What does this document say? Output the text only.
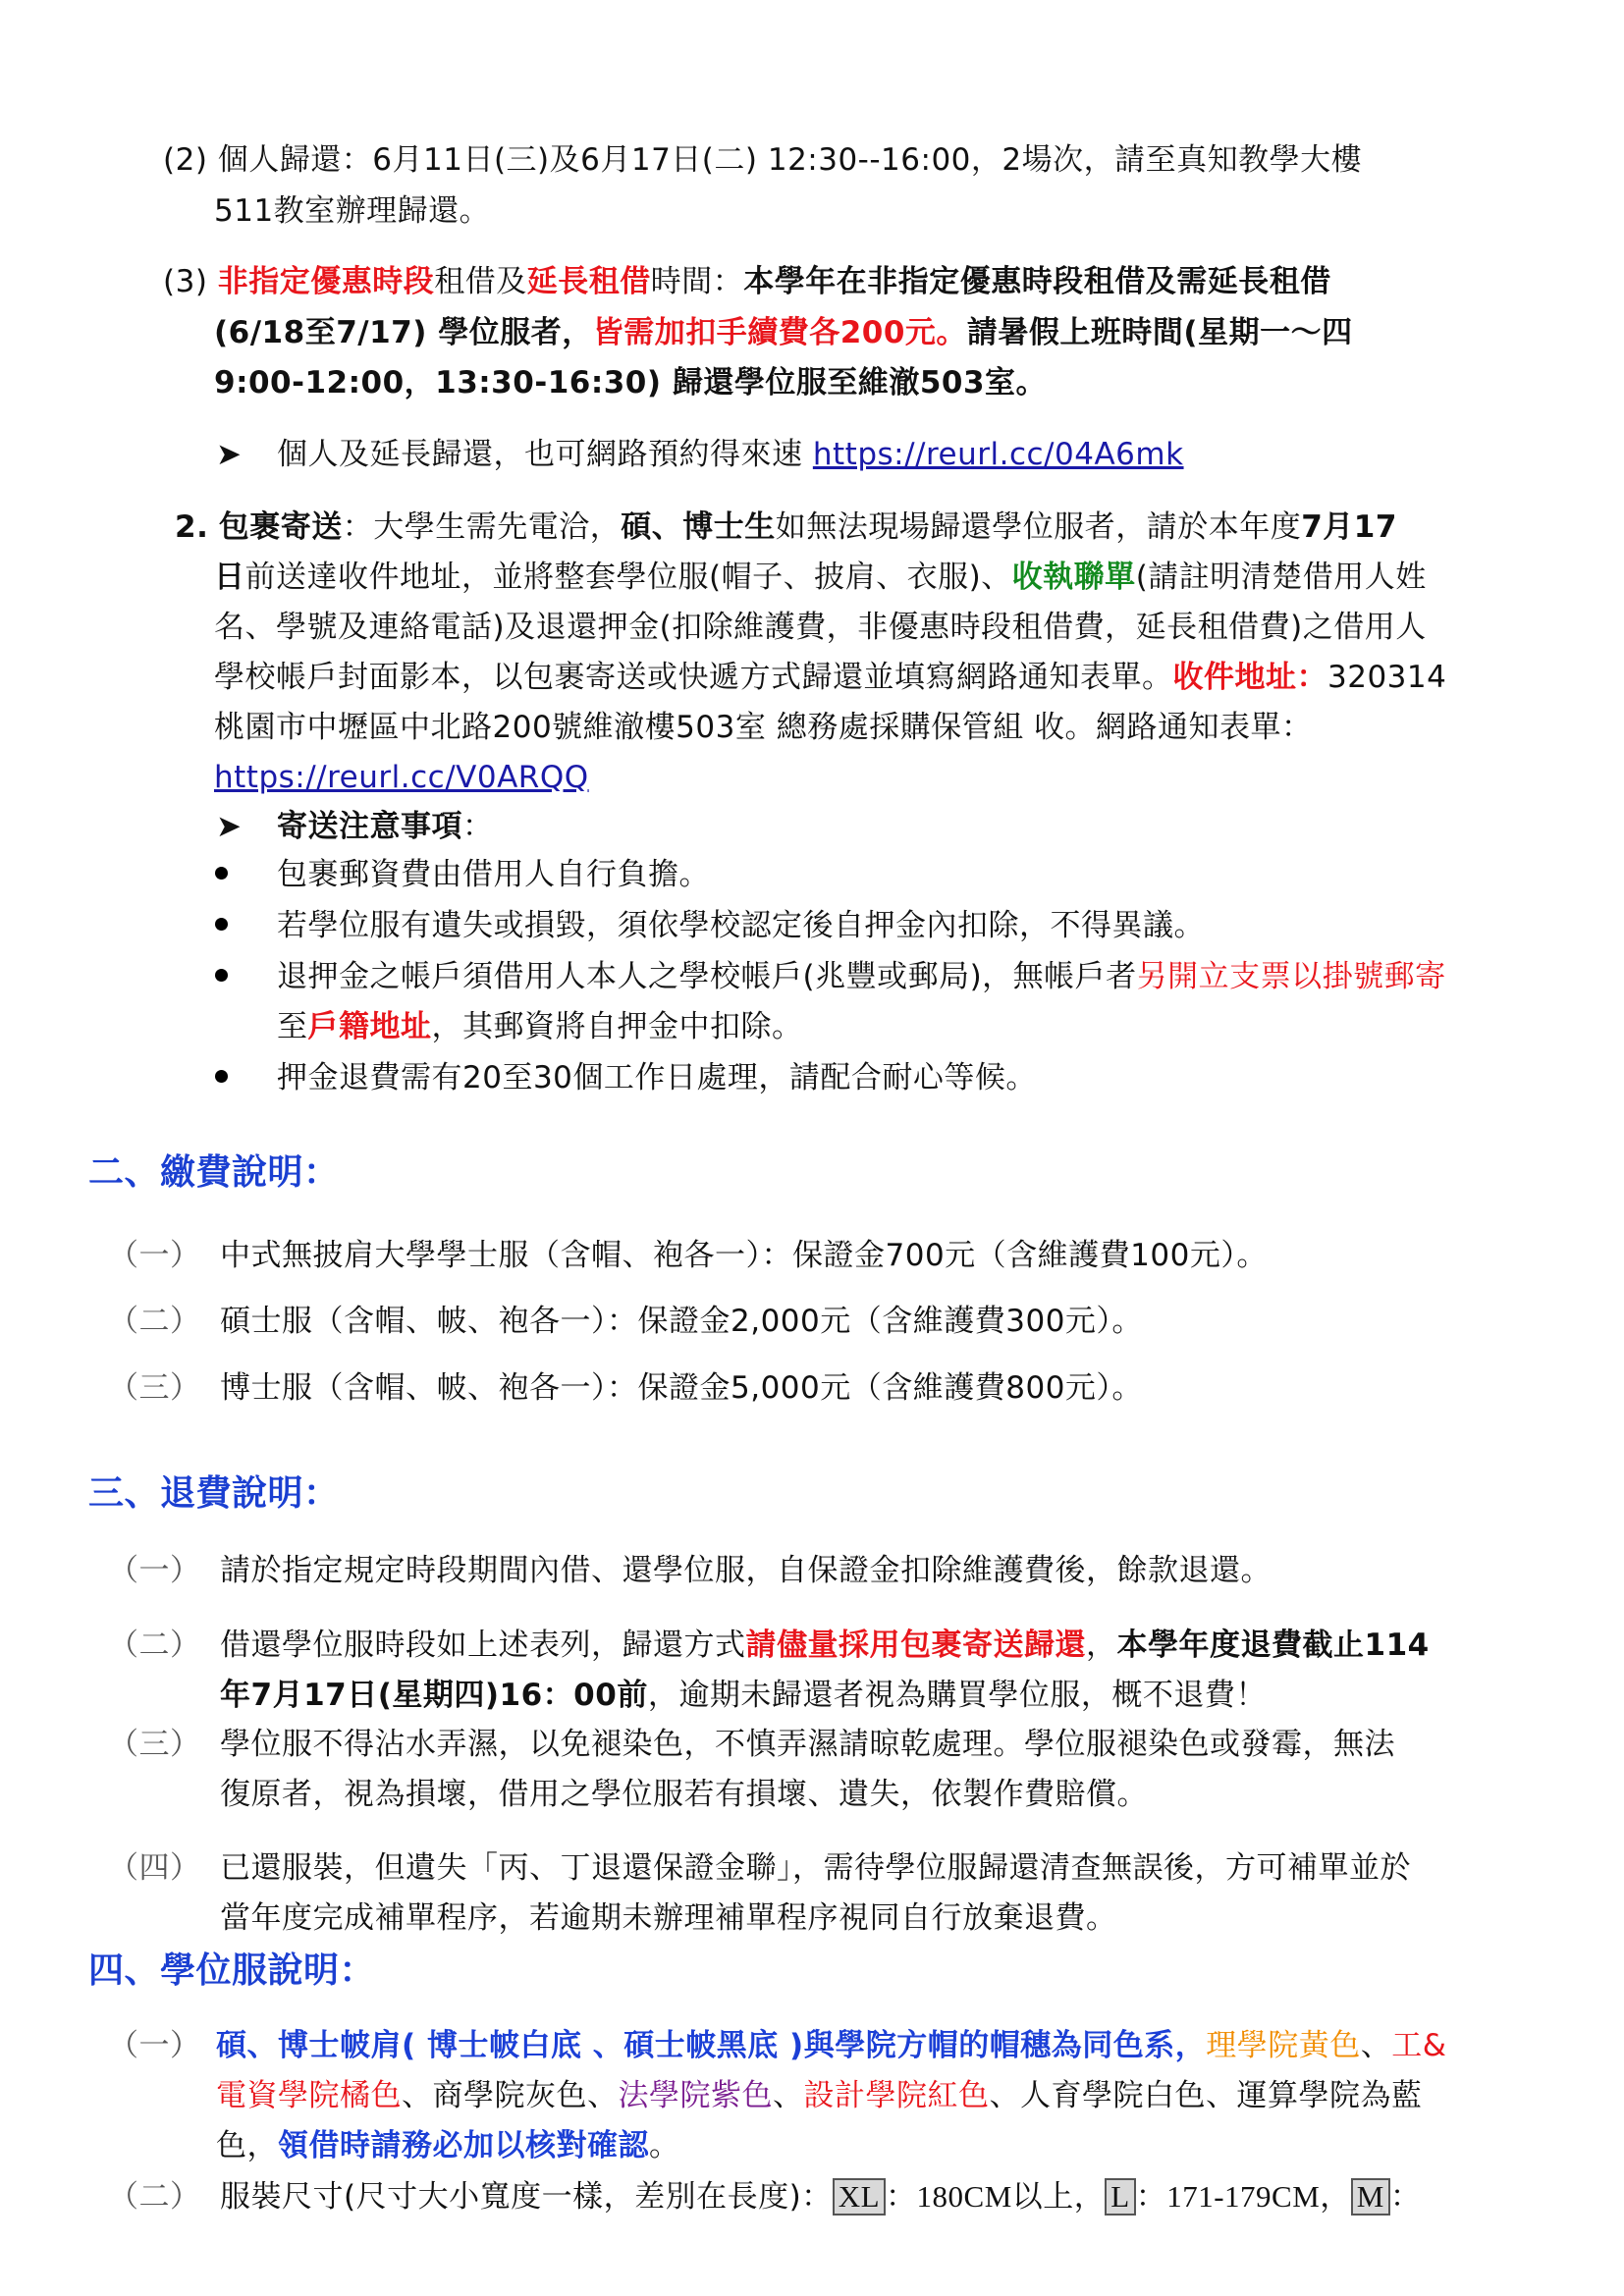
(2) 個人歸還：6月11日(三)及6月17日(二) 12:30--16:00，2場次，請至真知教學大樓
511教室辦理歸還。
(3) 非指定優惠時段租借及延長租借時間：本學年在非指定優惠時段租借及需延長租借
(6/18至7/17) 學位服者，皆需加扣手續費各200元。請暑假上班時間(星期一～四
9:00-12:00，13:30-16:30) 歸還學位服至維澈503室。
➤ 個人及延長歸還，也可網路預約得來速 https://reurl.cc/04A6mk
2. 包裹寄送：大學生需先電洽，碩、博士生如無法現場歸還學位服者，請於本年度7月17
日前送達收件地址，並將整套學位服(帽子、披肩、衣服)、收執聯單(請註明清楚借用人姓
名、學號及連絡電話)及退還押金(扣除維護費，非優惠時段租借費，延長租借費)之借用人
學校帳戶封面影本，以包裹寄送或快遞方式歸還並填寫網路通知表單。收件地址：320314
桃園市中壢區中北路200號維澈樓503室 總務處採購保管組 收。網路通知表單：
https://reurl.cc/V0ARQQ
➤ 寄送注意事項：
包裹郵資費由借用人自行負擔。
若學位服有遺失或損毀，須依學校認定後自押金內扣除，不得異議。
退押金之帳戶須借用人本人之學校帳戶(兆豐或郵局)，無帳戶者另開立支票以掛號郵寄
至戶籍地址，其郵資將自押金中扣除。
押金退費需有20至30個工作日處理，請配合耐心等候。
二、繳費說明：
（一） 中式無披肩大學學士服（含帽、袍各一）：保證金700元（含維護費100元）。
（二） 碩士服（含帽、帔、袍各一）：保證金2,000元（含維護費300元）。
（三） 博士服（含帽、帔、袍各一）：保證金5,000元（含維護費800元）。
三、退費說明：
（一） 請於指定規定時段期間內借、還學位服，自保證金扣除維護費後，餘款退還。
（二） 借還學位服時段如上述表列，歸還方式請儘量採用包裹寄送歸還，本學年度退費截止114
年7月17日(星期四)16：00前，逾期未歸還者視為購買學位服，概不退費！
（三） 學位服不得沾水弄濕，以免褪染色，不慎弄濕請晾乾處理。學位服褪染色或發霉，無法
復原者，視為損壞，借用之學位服若有損壞、遺失，依製作費賠償。
（四） 已還服裝，但遺失「丙、丁退還保證金聯」，需待學位服歸還清查無誤後，方可補單並於
當年度完成補單程序，若逾期未辦理補單程序視同自行放棄退費。
四、學位服說明：
（一） 碩、博士帔肩( 博士帔白底 、碩士帔黑底 )與學院方帽的帽穗為同色系，理學院黃色、工&
電資學院橘色、商學院灰色、法學院紫色、設計學院紅色、人育學院白色、運算學院為藍
色，領借時請務必加以核對確認。
（二） 服裝尺寸(尺寸大小寬度一樣，差別在長度)： XL ：180CM以上， L ：171-179CM， M ：
